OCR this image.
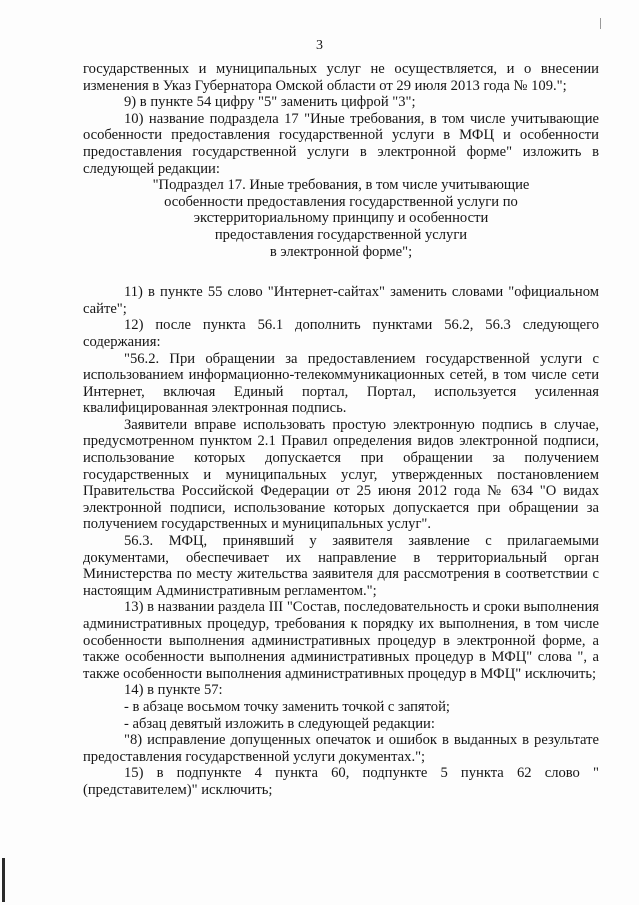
3

государственных и муниципальных услуг не осуществляется, и о внесении изменения в Указ Губернатора Омской области от 29 июля 2013 года № 109.";

9) в пункте 54 цифру "5" заменить цифрой "3";

10) название подраздела 17 "Иные требования, в том числе учитывающие особенности предоставления государственной услуги в МФЦ и особенности предоставления государственной услуги в электронной форме" изложить в следующей редакции:

"Подраздел 17. Иные требования, в том числе учитывающие

особенности предоставления государственной услуги по

экстерриториальному принципу и особенности

предоставления государственной услуги

в электронной форме";

11) в пункте 55 слово "Интернет-сайтах" заменить словами "официальном сайте";

12) после пункта 56.1 дополнить пунктами 56.2, 56.3 следующего содержания:

"56.2. При обращении за предоставлением государственной услуги с использованием информационно-телекоммуникационных сетей, в том числе сети Интернет, включая Единый портал, Портал, используется усиленная квалифицированная электронная подпись.

Заявители вправе использовать простую электронную подпись в случае, предусмотренном пунктом 2.1 Правил определения видов электронной подписи, использование которых допускается при обращении за получением государственных и муниципальных услуг, утвержденных постановлением Правительства Российской Федерации от 25 июня 2012 года № 634 "О видах электронной подписи, использование которых допускается при обращении за получением государственных и муниципальных услуг".

56.3. МФЦ, принявший у заявителя заявление с прилагаемыми документами, обеспечивает их направление в территориальный орган Министерства по месту жительства заявителя для рассмотрения в соответствии с настоящим Административным регламентом.";

13) в названии раздела III "Состав, последовательность и сроки выполнения административных процедур, требования к порядку их выполнения, в том числе особенности выполнения административных процедур в электронной форме, а также особенности выполнения административных процедур в МФЦ" слова ", а также особенности выполнения административных процедур в МФЦ" исключить;

14) в пункте 57:

- в абзаце восьмом точку заменить точкой с запятой;

- абзац девятый изложить в следующей редакции:

"8) исправление допущенных опечаток и ошибок в выданных в результате предоставления государственной услуги документах.";

15) в подпункте 4 пункта 60, подпункте 5 пункта 62 слово "(представителем)" исключить;
